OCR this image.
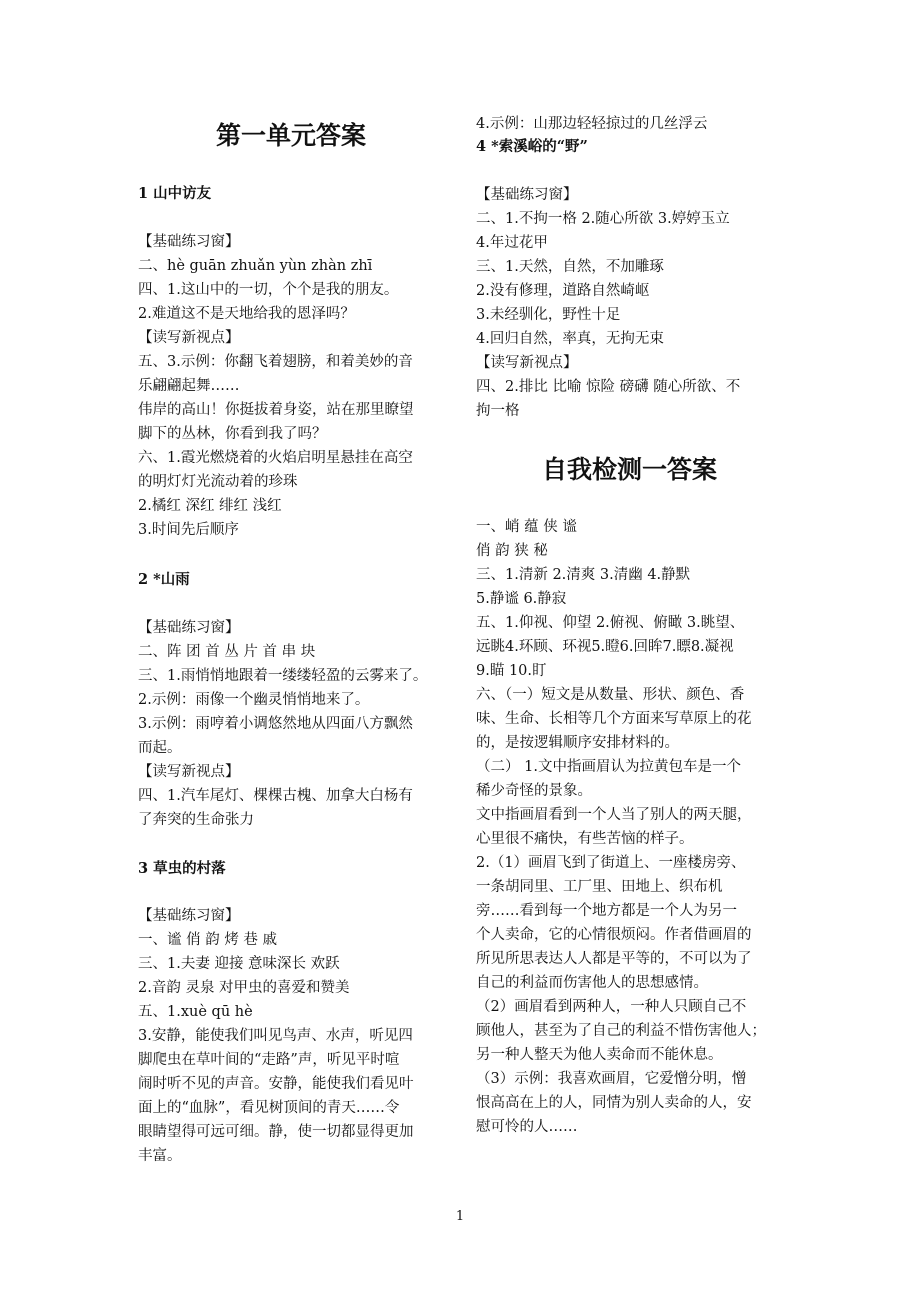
第一单元答案
1 山中访友
【基础练习窗】
二、hè guān zhuǎn yùn zhàn zhī
四、1.这山中的一切，个个是我的朋友。
2.难道这不是天地给我的恩泽吗？
【读写新视点】
五、3.示例：你翻飞着翅膀，和着美妙的音
乐翩翩起舞……
伟岸的高山！你挺拔着身姿，站在那里瞭望
脚下的丛林，你看到我了吗？
六、1.霞光燃烧着的火焰启明星悬挂在高空
的明灯灯光流动着的珍珠
2.橘红 深红 绯红 浅红
3.时间先后顺序
2 *山雨
【基础练习窗】
二、阵 团 首 丛 片 首 串 块
三、1.雨悄悄地跟着一缕缕轻盈的云雾来了。
2.示例：雨像一个幽灵悄悄地来了。
3.示例：雨哼着小调悠然地从四面八方飘然
而起。
【读写新视点】
四、1.汽车尾灯、棵棵古槐、加拿大白杨有
了奔突的生命张力
3 草虫的村落
【基础练习窗】
一、谧 俏 韵 烤 巷 戚
三、1.夫妻 迎接 意味深长 欢跃
2.音韵 灵泉 对甲虫的喜爱和赞美
五、1.xuè qū hè
3.安静，能使我们叫见鸟声、水声，听见四
脚爬虫在草叶间的“走路”声，听见平时喧
闹时听不见的声音。安静，能使我们看见叶
面上的“血脉”，看见树顶间的青天……令
眼睛望得可远可细。静，使一切都显得更加
丰富。
4.示例：山那边轻轻掠过的几丝浮云
4 *索溪峪的“野”
【基础练习窗】
二、1.不拘一格 2.随心所欲 3.婷婷玉立
4.年过花甲
三、1.天然，自然，不加雕琢
2.没有修理，道路自然崎岖
3.未经驯化，野性十足
4.回归自然，率真，无拘无束
【读写新视点】
四、2.排比 比喻 惊险 磅礴 随心所欲、不
拘一格
自我检测一答案
一、峭 蕴 侠 谧
俏 韵 狭 秘
三、1.清新 2.清爽 3.清幽 4.静默
5.静谧 6.静寂
五、1.仰视、仰望 2.俯视、俯瞰 3.眺望、
远眺4.环顾、环视5.瞪6.回眸7.瞟8.凝视
9.瞄 10.盯
六、（一）短文是从数量、形状、颜色、香
味、生命、长相等几个方面来写草原上的花
的，是按逻辑顺序安排材料的。
（二） 1.文中指画眉认为拉黄包车是一个
稀少奇怪的景象。
文中指画眉看到一个人当了别人的两天腿，
心里很不痛快，有些苦恼的样子。
2.（1）画眉飞到了街道上、一座楼房旁、
一条胡同里、工厂里、田地上、织布机
旁……看到每一个地方都是一个人为另一
个人卖命，它的心情很烦闷。作者借画眉的
所见所思表达人人都是平等的，不可以为了
自己的利益而伤害他人的思想感情。
（2）画眉看到两种人，一种人只顾自己不
顾他人，甚至为了自己的利益不惜伤害他人；
另一种人整天为他人卖命而不能休息。
（3）示例：我喜欢画眉，它爱憎分明，憎
恨高高在上的人，同情为别人卖命的人，安
慰可怜的人……
1
